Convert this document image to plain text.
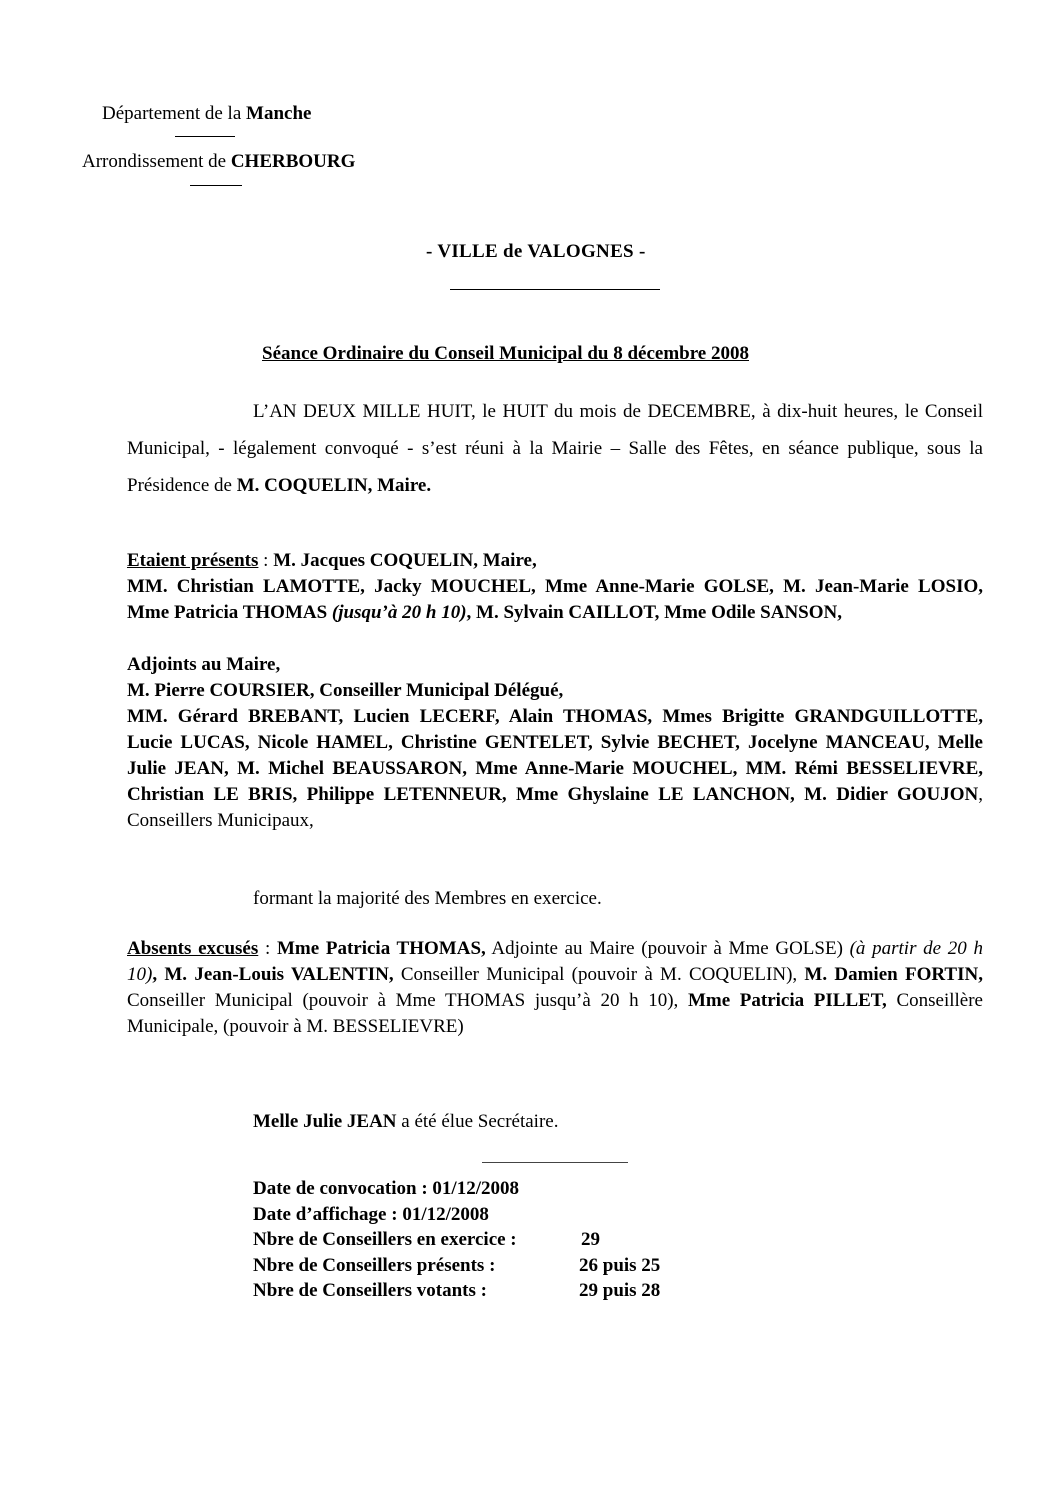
Département de la Manche
Arrondissement de CHERBOURG
- VILLE de VALOGNES -
Séance Ordinaire du Conseil Municipal du 8 décembre 2008
L’AN DEUX MILLE HUIT, le HUIT du mois de DECEMBRE, à dix-huit heures, le Conseil Municipal, - légalement convoqué - s’est réuni à la Mairie – Salle des Fêtes, en séance publique, sous la Présidence de M. COQUELIN, Maire.
Etaient présents : M. Jacques COQUELIN, Maire,
MM. Christian LAMOTTE, Jacky MOUCHEL, Mme Anne-Marie GOLSE, M. Jean-Marie LOSIO, Mme Patricia THOMAS (jusqu’à 20 h 10), M. Sylvain CAILLOT, Mme Odile SANSON,
Adjoints au Maire,
M. Pierre COURSIER, Conseiller Municipal Délégué,
MM. Gérard BREBANT, Lucien LECERF, Alain THOMAS, Mmes Brigitte GRANDGUILLOTTE, Lucie LUCAS, Nicole HAMEL, Christine GENTELET, Sylvie BECHET, Jocelyne MANCEAU, Melle Julie JEAN, M. Michel BEAUSSARON, Mme Anne-Marie MOUCHEL, MM. Rémi BESSELIEVRE, Christian LE BRIS, Philippe LETENNEUR, Mme Ghyslaine LE LANCHON, M. Didier GOUJON, Conseillers Municipaux,
formant la majorité des Membres en exercice.
Absents excusés : Mme Patricia THOMAS, Adjointe au Maire (pouvoir à Mme GOLSE) (à partir de 20 h 10), M. Jean-Louis VALENTIN, Conseiller Municipal (pouvoir à M. COQUELIN), M. Damien FORTIN, Conseiller Municipal (pouvoir à Mme THOMAS jusqu’à 20 h 10), Mme Patricia PILLET, Conseillère Municipale, (pouvoir à M. BESSELIEVRE)
Melle Julie JEAN a été élue Secrétaire.
Date de convocation : 01/12/2008
Date d’affichage : 01/12/2008
Nbre de Conseillers en exercice :	29
Nbre de Conseillers présents :	26 puis 25
Nbre de Conseillers votants :	29 puis 28
